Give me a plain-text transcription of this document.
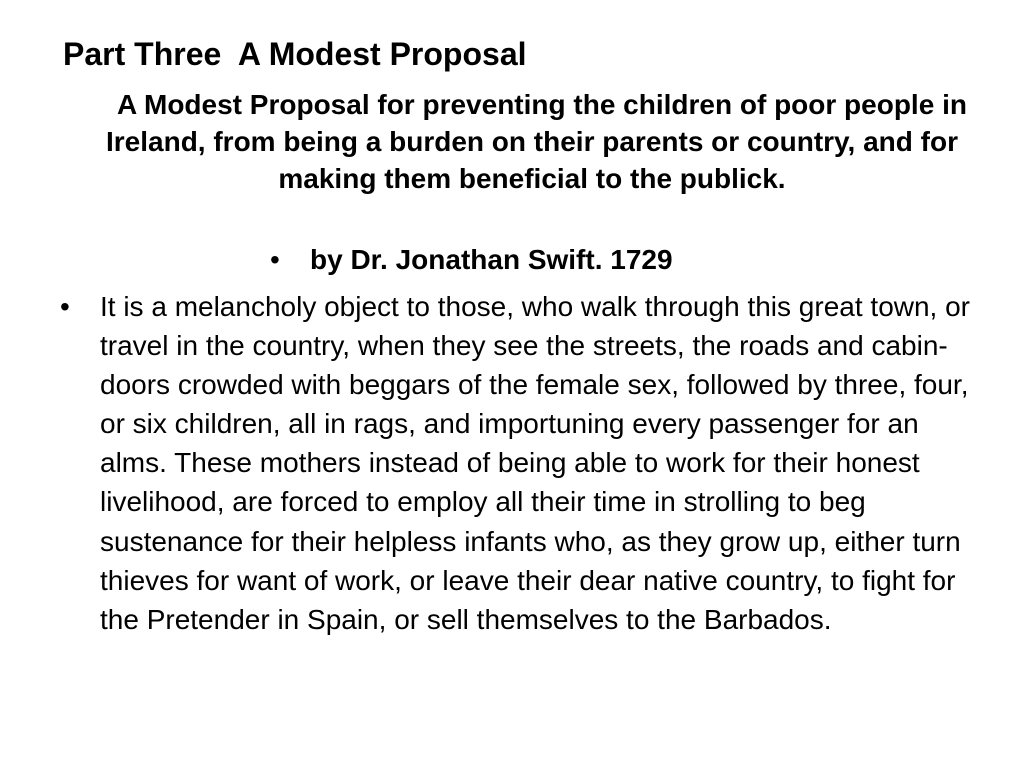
Part Three  A Modest Proposal

A Modest Proposal for preventing the children of poor people in Ireland, from being a burden on their parents or country, and for making them beneficial to the publick.

• by Dr. Jonathan Swift. 1729
•	It is a melancholy object to those, who walk through this great town, or travel in the country, when they see the streets, the roads and cabin-doors crowded with beggars of the female sex, followed by three, four, or six children, all in rags, and importuning every passenger for an alms. These mothers instead of being able to work for their honest livelihood, are forced to employ all their time in strolling to beg sustenance for their helpless infants who, as they grow up, either turn thieves for want of work, or leave their dear native country, to fight for the Pretender in Spain, or sell themselves to the Barbados.
